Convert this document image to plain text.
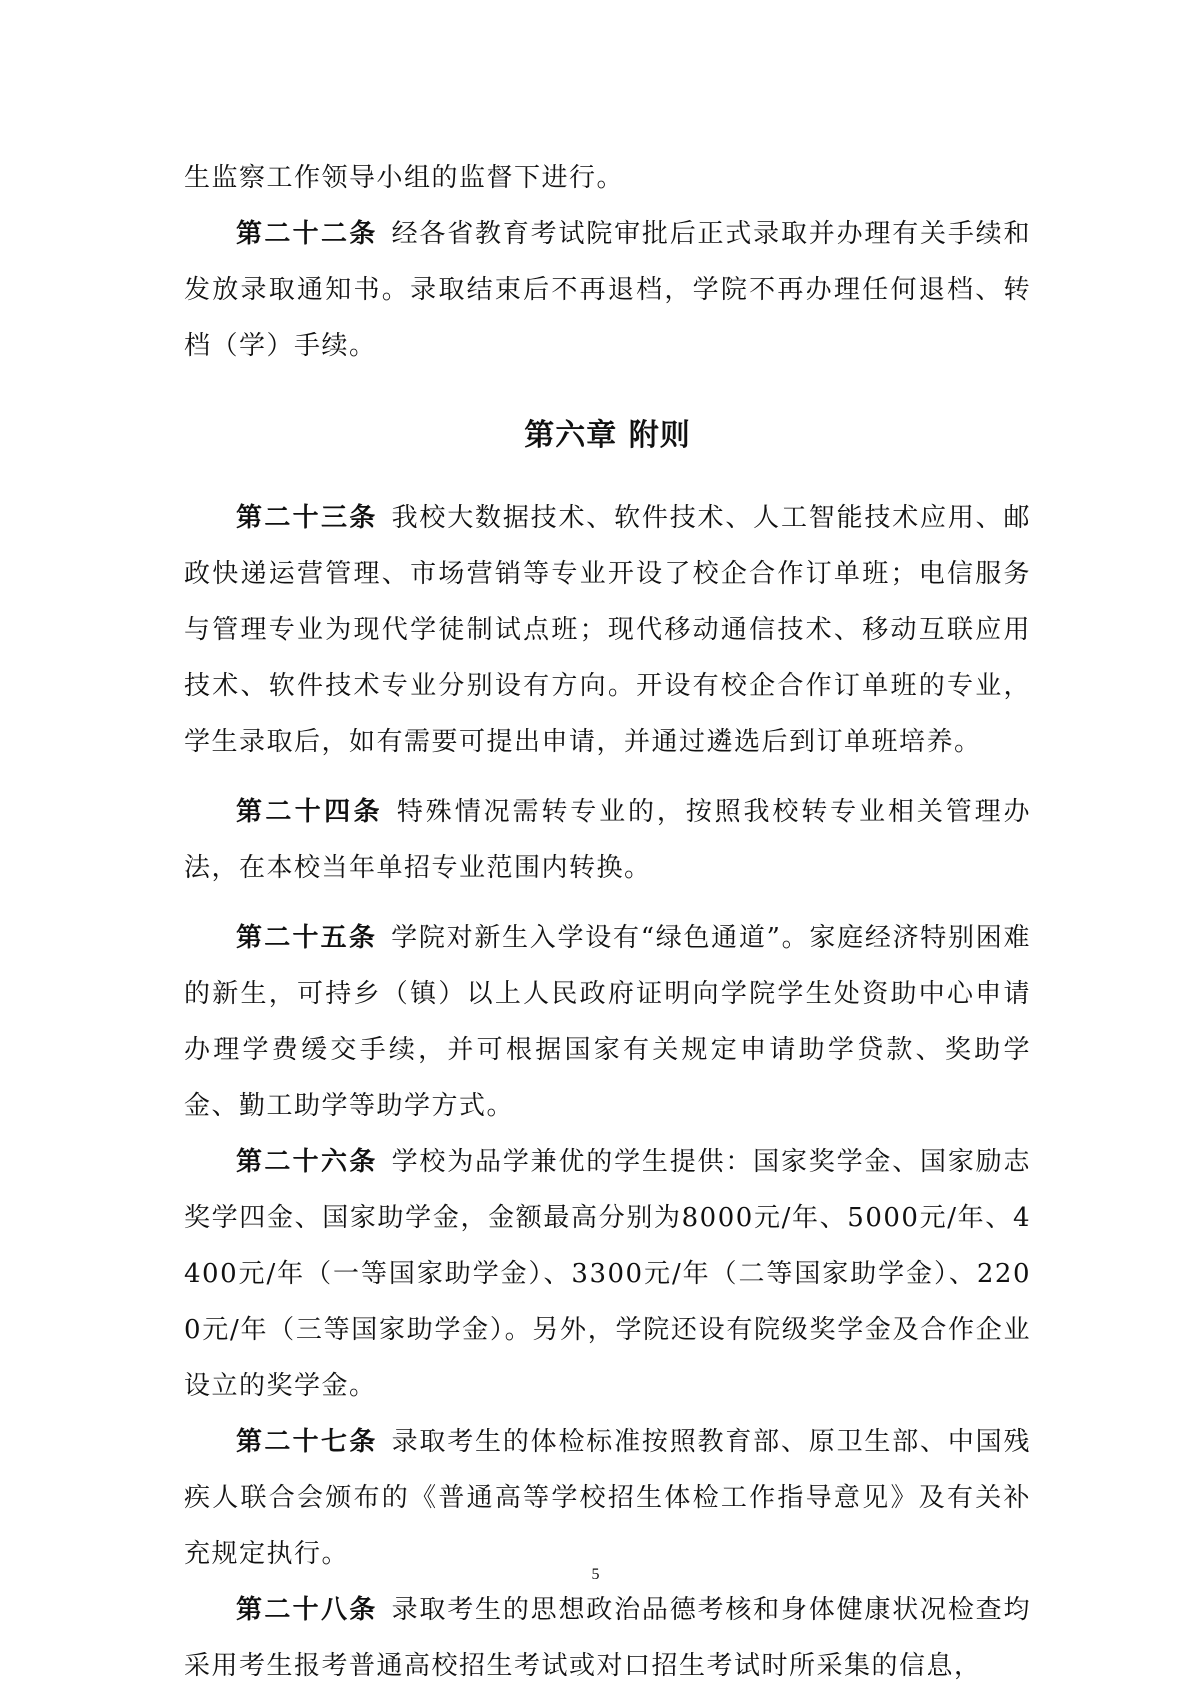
生监察工作领导小组的监督下进行。

第二十二条 经各省教育考试院审批后正式录取并办理有关手续和发放录取通知书。录取结束后不再退档，学院不再办理任何退档、转档（学）手续。

第六章 附则

第二十三条 我校大数据技术、软件技术、人工智能技术应用、邮政快递运营管理、市场营销等专业开设了校企合作订单班；电信服务与管理专业为现代学徒制试点班；现代移动通信技术、移动互联应用技术、软件技术专业分别设有方向。开设有校企合作订单班的专业，学生录取后，如有需要可提出申请，并通过遴选后到订单班培养。

第二十四条 特殊情况需转专业的，按照我校转专业相关管理办法，在本校当年单招专业范围内转换。

第二十五条 学院对新生入学设有“绿色通道”。家庭经济特别困难的新生，可持乡（镇）以上人民政府证明向学院学生处资助中心申请办理学费缓交手续，并可根据国家有关规定申请助学贷款、奖助学金、勤工助学等助学方式。

第二十六条 学校为品学兼优的学生提供：国家奖学金、国家励志奖学四金、国家助学金，金额最高分别为8000元/年、5000元/年、4400元/年（一等国家助学金）、3300元/年（二等国家助学金）、2200元/年（三等国家助学金）。另外，学院还设有院级奖学金及合作企业设立的奖学金。

第二十七条 录取考生的体检标准按照教育部、原卫生部、中国残疾人联合会颁布的《普通高等学校招生体检工作指导意见》及有关补充规定执行。

第二十八条 录取考生的思想政治品德考核和身体健康状况检查均采用考生报考普通高校招生考试或对口招生考试时所采集的信息，

5
